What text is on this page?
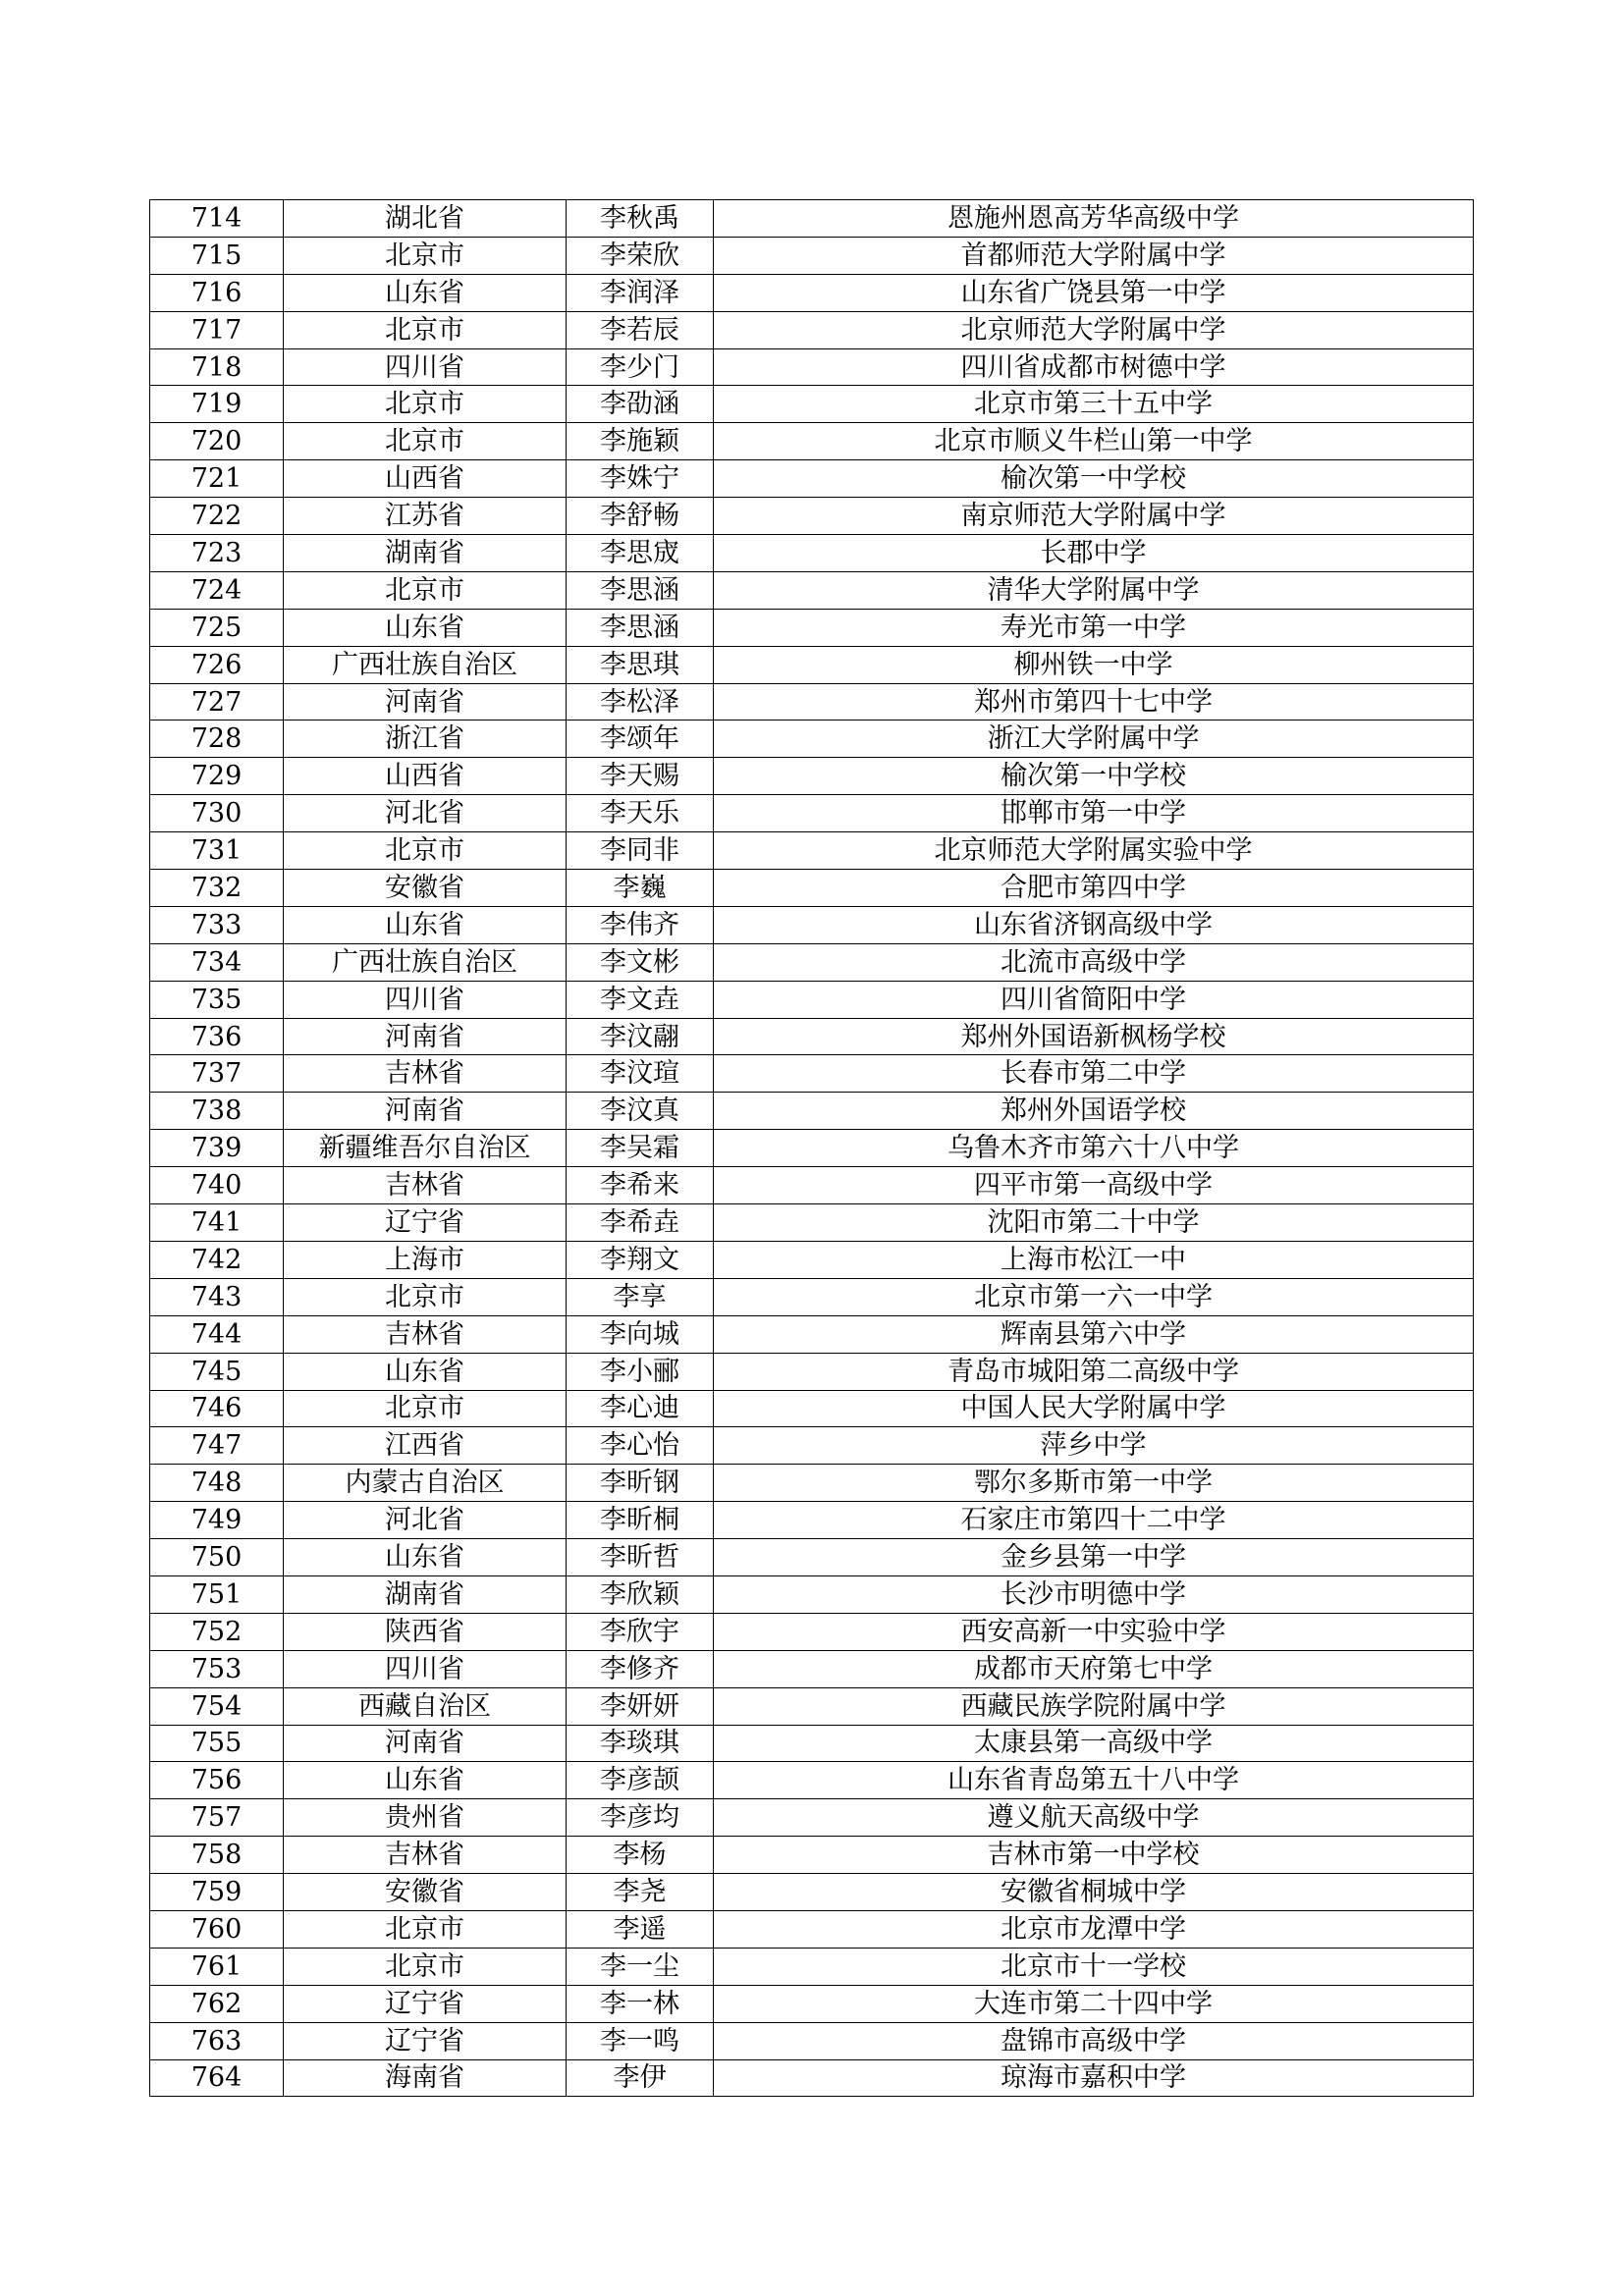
714	湖北省	李秋禹	恩施州恩高芳华高级中学
715	北京市	李荣欣	首都师范大学附属中学
716	山东省	李润泽	山东省广饶县第一中学
717	北京市	李若辰	北京师范大学附属中学
718	四川省	李少门	四川省成都市树德中学
719	北京市	李劭涵	北京市第三十五中学
720	北京市	李施颖	北京市顺义牛栏山第一中学
721	山西省	李姝宁	榆次第一中学校
722	江苏省	李舒畅	南京师范大学附属中学
723	湖南省	李思宬	长郡中学
724	北京市	李思涵	清华大学附属中学
725	山东省	李思涵	寿光市第一中学
726	广西壮族自治区	李思琪	柳州铁一中学
727	河南省	李松泽	郑州市第四十七中学
728	浙江省	李颂年	浙江大学附属中学
729	山西省	李天赐	榆次第一中学校
730	河北省	李天乐	邯郸市第一中学
731	北京市	李同非	北京师范大学附属实验中学
732	安徽省	李巍	合肥市第四中学
733	山东省	李伟齐	山东省济钢高级中学
734	广西壮族自治区	李文彬	北流市高级中学
735	四川省	李文垚	四川省简阳中学
736	河南省	李汶翮	郑州外国语新枫杨学校
737	吉林省	李汶瑄	长春市第二中学
738	河南省	李汶真	郑州外国语学校
739	新疆维吾尔自治区	李吴霜	乌鲁木齐市第六十八中学
740	吉林省	李希来	四平市第一高级中学
741	辽宁省	李希垚	沈阳市第二十中学
742	上海市	李翔文	上海市松江一中
743	北京市	李享	北京市第一六一中学
744	吉林省	李向城	辉南县第六中学
745	山东省	李小郦	青岛市城阳第二高级中学
746	北京市	李心迪	中国人民大学附属中学
747	江西省	李心怡	萍乡中学
748	内蒙古自治区	李昕钢	鄂尔多斯市第一中学
749	河北省	李昕桐	石家庄市第四十二中学
750	山东省	李昕哲	金乡县第一中学
751	湖南省	李欣颖	长沙市明德中学
752	陕西省	李欣宇	西安高新一中实验中学
753	四川省	李修齐	成都市天府第七中学
754	西藏自治区	李妍妍	西藏民族学院附属中学
755	河南省	李琰琪	太康县第一高级中学
756	山东省	李彦颉	山东省青岛第五十八中学
757	贵州省	李彦均	遵义航天高级中学
758	吉林省	李杨	吉林市第一中学校
759	安徽省	李尧	安徽省桐城中学
760	北京市	李遥	北京市龙潭中学
761	北京市	李一尘	北京市十一学校
762	辽宁省	李一林	大连市第二十四中学
763	辽宁省	李一鸣	盘锦市高级中学
764	海南省	李伊	琼海市嘉积中学
